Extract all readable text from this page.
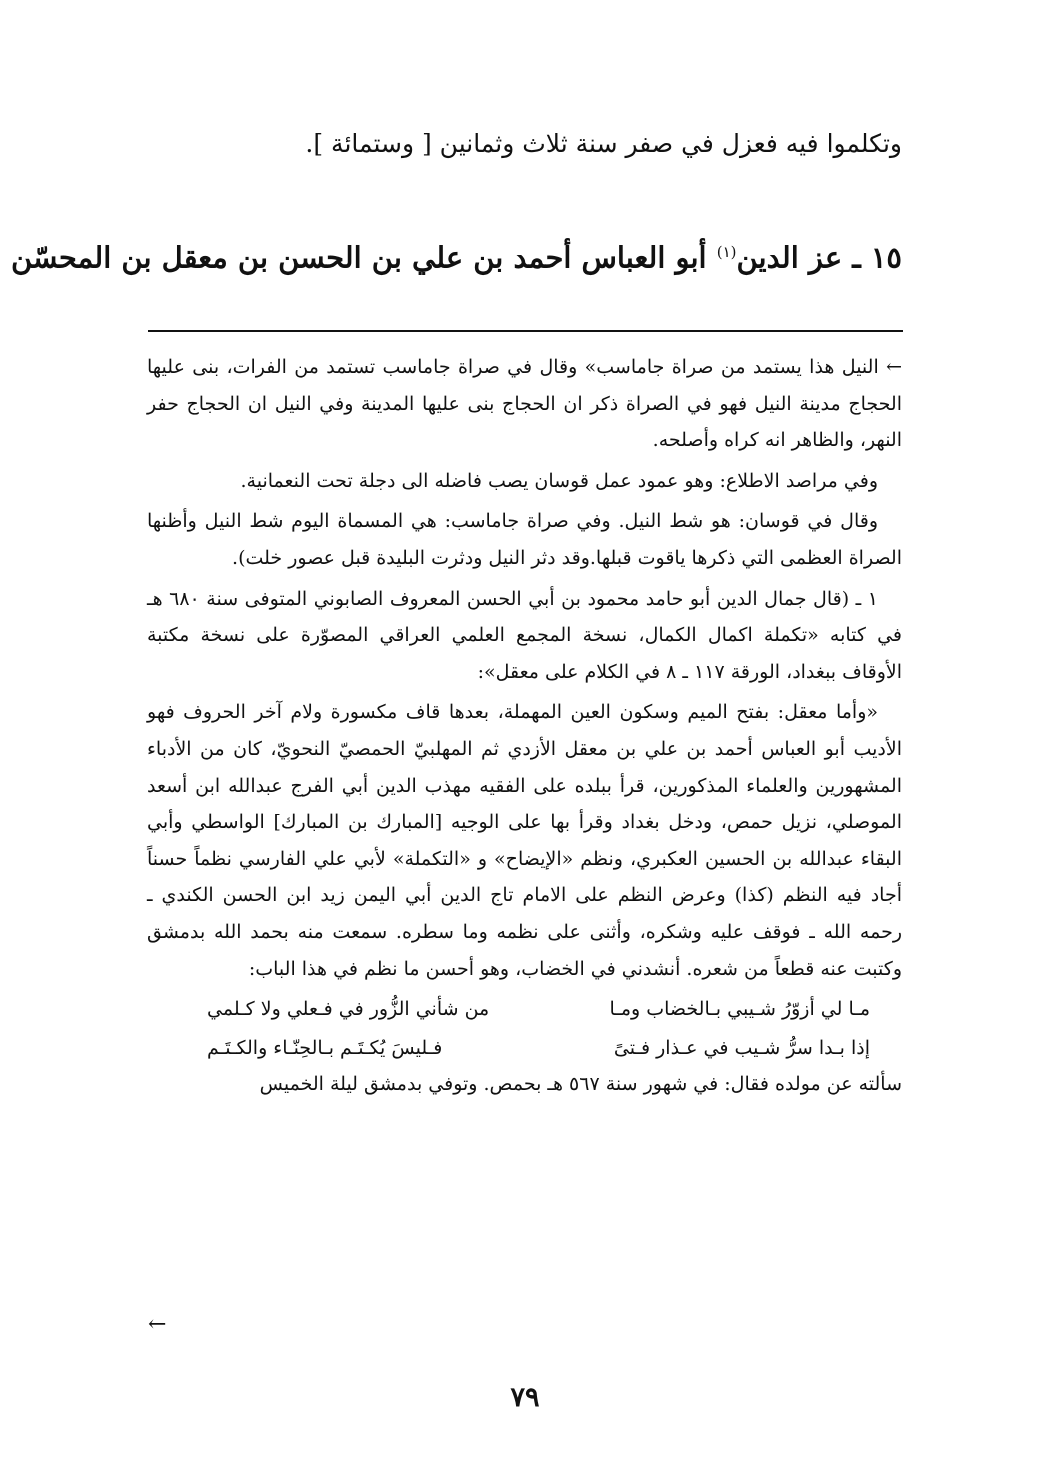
وتكلموا فيه فعزل في صفر سنة ثلاث وثمانين [ وستمائة ].
١٥ ـ عز الدين$^{(١)}$ أبو العباس أحمد بن علي بن الحسن بن معقل بن المحسّن

← النيل هذا يستمد من صراة جاماسب» وقال في صراة جاماسب تستمد من الفرات، بنى عليها الحجاج مدينة النيل فهو في الصراة ذكر ان الحجاج بنى عليها المدينة وفي النيل ان الحجاج حفر النهر، والظاهر انه كراه وأصلحه.

وفي مراصد الاطلاع: وهو عمود عمل قوسان يصب فاضله الى دجلة تحت النعمانية.

وقال في قوسان: هو شط النيل. وفي صراة جاماسب: هي المسماة اليوم شط النيل وأظنها الصراة العظمى التي ذكرها ياقوت قبلها.وقد دثر النيل ودثرت البليدة قبل عصور خلت).

١ ـ (قال جمال الدين أبو حامد محمود بن أبي الحسن المعروف الصابوني المتوفى سنة ٦٨٠ هـ في كتابه «تكملة اكمال الكمال، نسخة المجمع العلمي العراقي المصوّرة على نسخة مكتبة الأوقاف ببغداد، الورقة ١١٧ ـ ٨ في الكلام على معقل»:

«وأما معقل: بفتح الميم وسكون العين المهملة، بعدها قاف مكسورة ولام آخر الحروف فهو الأديب أبو العباس أحمد بن علي بن معقل الأزدي ثم المهلبيّ الحمصيّ النحويّ، كان من الأدباء المشهورين والعلماء المذكورين، قرأ ببلده على الفقيه مهذب الدين أبي الفرج عبدالله ابن أسعد الموصلي، نزيل حمص، ودخل بغداد وقرأ بها على الوجيه [المبارك بن المبارك] الواسطي وأبي البقاء عبدالله بن الحسين العكبري، ونظم «الإيضاح» و «التكملة» لأبي علي الفارسي نظماً حسناً أجاد فيه النظم (كذا) وعرض النظم على الامام تاج الدين أبي اليمن زيد ابن الحسن الكندي ـ رحمه الله ـ فوقف عليه وشكره، وأثنى على نظمه وما سطره. سمعت منه بحمد الله بدمشق وكتبت عنه قطعاً من شعره. أنشدني في الخضاب، وهو أحسن ما نظم في هذا الباب:

مـا لي أزوّرُ شـيبي بـالخضاب ومـا
من شأني الزُّور في فـعلي ولا كـلمي
إذا بـدا سرُّ شـيب في عـذار فـتىً
فـليسَ يُكـتَـم بـالحِنّـاء والكـتَـم

سألته عن مولده فقال: في شهور سنة ٥٦٧ هـ بحمص. وتوفي بدمشق ليلة الخميس

←
٧٩
